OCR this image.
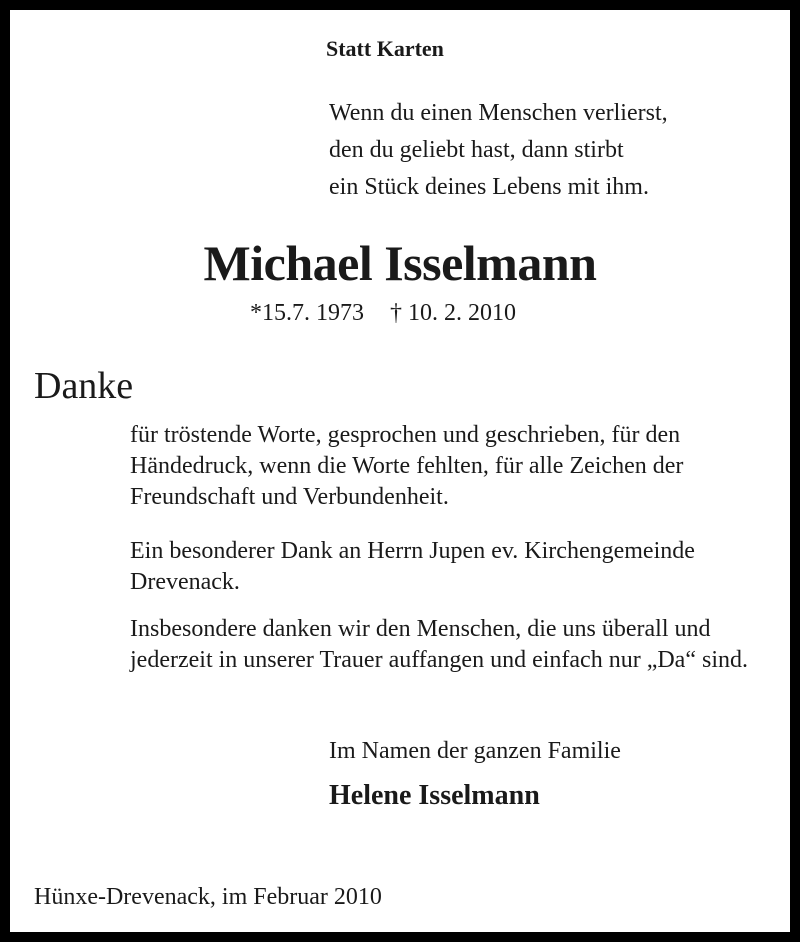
Statt Karten

Wenn du einen Menschen verlierst,
den du geliebt hast, dann stirbt
ein Stück deines Lebens mit ihm.

Michael Isselmann

*15.7. 1973 † 10. 2. 2010

Danke

für tröstende Worte, gesprochen und geschrieben, für den Händedruck, wenn die Worte fehlten, für alle Zeichen der Freundschaft und Verbundenheit.

Ein besonderer Dank an Herrn Jupen ev. Kirchengemeinde Drevenack.

Insbesondere danken wir den Menschen, die uns überall und jederzeit in unserer Trauer auffangen und einfach nur „Da“ sind.

Im Namen der ganzen Familie

Helene Isselmann

Hünxe-Drevenack, im Februar 2010
